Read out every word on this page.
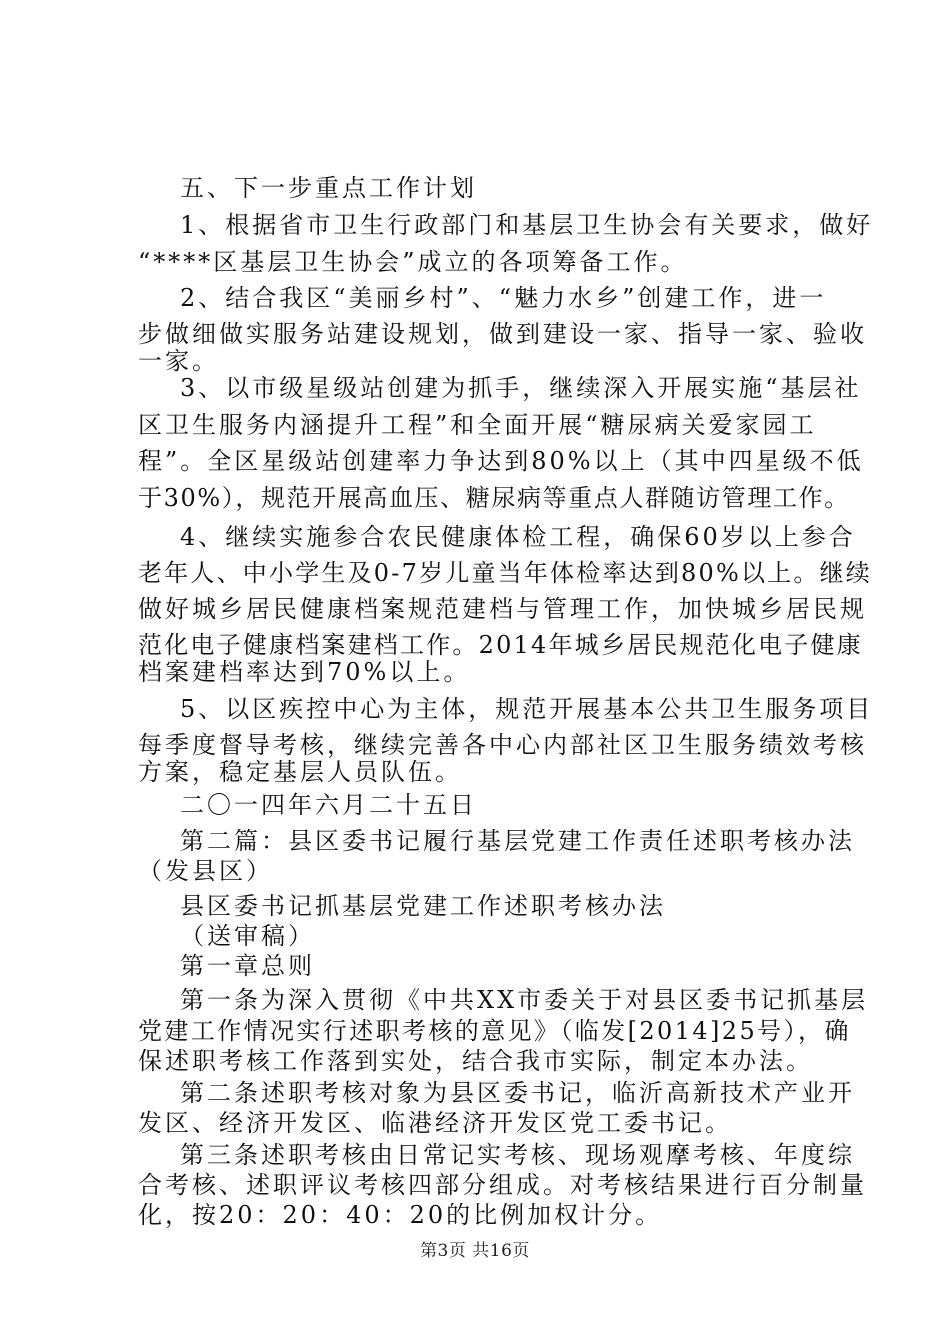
五、下一步重点工作计划
1、根据省市卫生行政部门和基层卫生协会有关要求，做好
“****区基层卫生协会”成立的各项筹备工作。
2、结合我区“美丽乡村”、“魅力水乡”创建工作，进一
步做细做实服务站建设规划，做到建设一家、指导一家、验收
一家。
3、以市级星级站创建为抓手，继续深入开展实施“基层社
区卫生服务内涵提升工程”和全面开展“糖尿病关爱家园工
程”。全区星级站创建率力争达到80%以上（其中四星级不低
于30%），规范开展高血压、糖尿病等重点人群随访管理工作。
4、继续实施参合农民健康体检工程，确保60岁以上参合
老年人、中小学生及0-7岁儿童当年体检率达到80%以上。继续
做好城乡居民健康档案规范建档与管理工作，加快城乡居民规
范化电子健康档案建档工作。2014年城乡居民规范化电子健康
档案建档率达到70%以上。
5、以区疾控中心为主体，规范开展基本公共卫生服务项目
每季度督导考核，继续完善各中心内部社区卫生服务绩效考核
方案，稳定基层人员队伍。
二〇一四年六月二十五日
第二篇：县区委书记履行基层党建工作责任述职考核办法
（发县区）
县区委书记抓基层党建工作述职考核办法
（送审稿）
第一章总则
第一条为深入贯彻《中共XX市委关于对县区委书记抓基层
党建工作情况实行述职考核的意见》（临发[2014]25号），确
保述职考核工作落到实处，结合我市实际，制定本办法。
第二条述职考核对象为县区委书记，临沂高新技术产业开
发区、经济开发区、临港经济开发区党工委书记。
第三条述职考核由日常记实考核、现场观摩考核、年度综
合考核、述职评议考核四部分组成。对考核结果进行百分制量
化，按20：20：40：20的比例加权计分。
第3页 共16页
